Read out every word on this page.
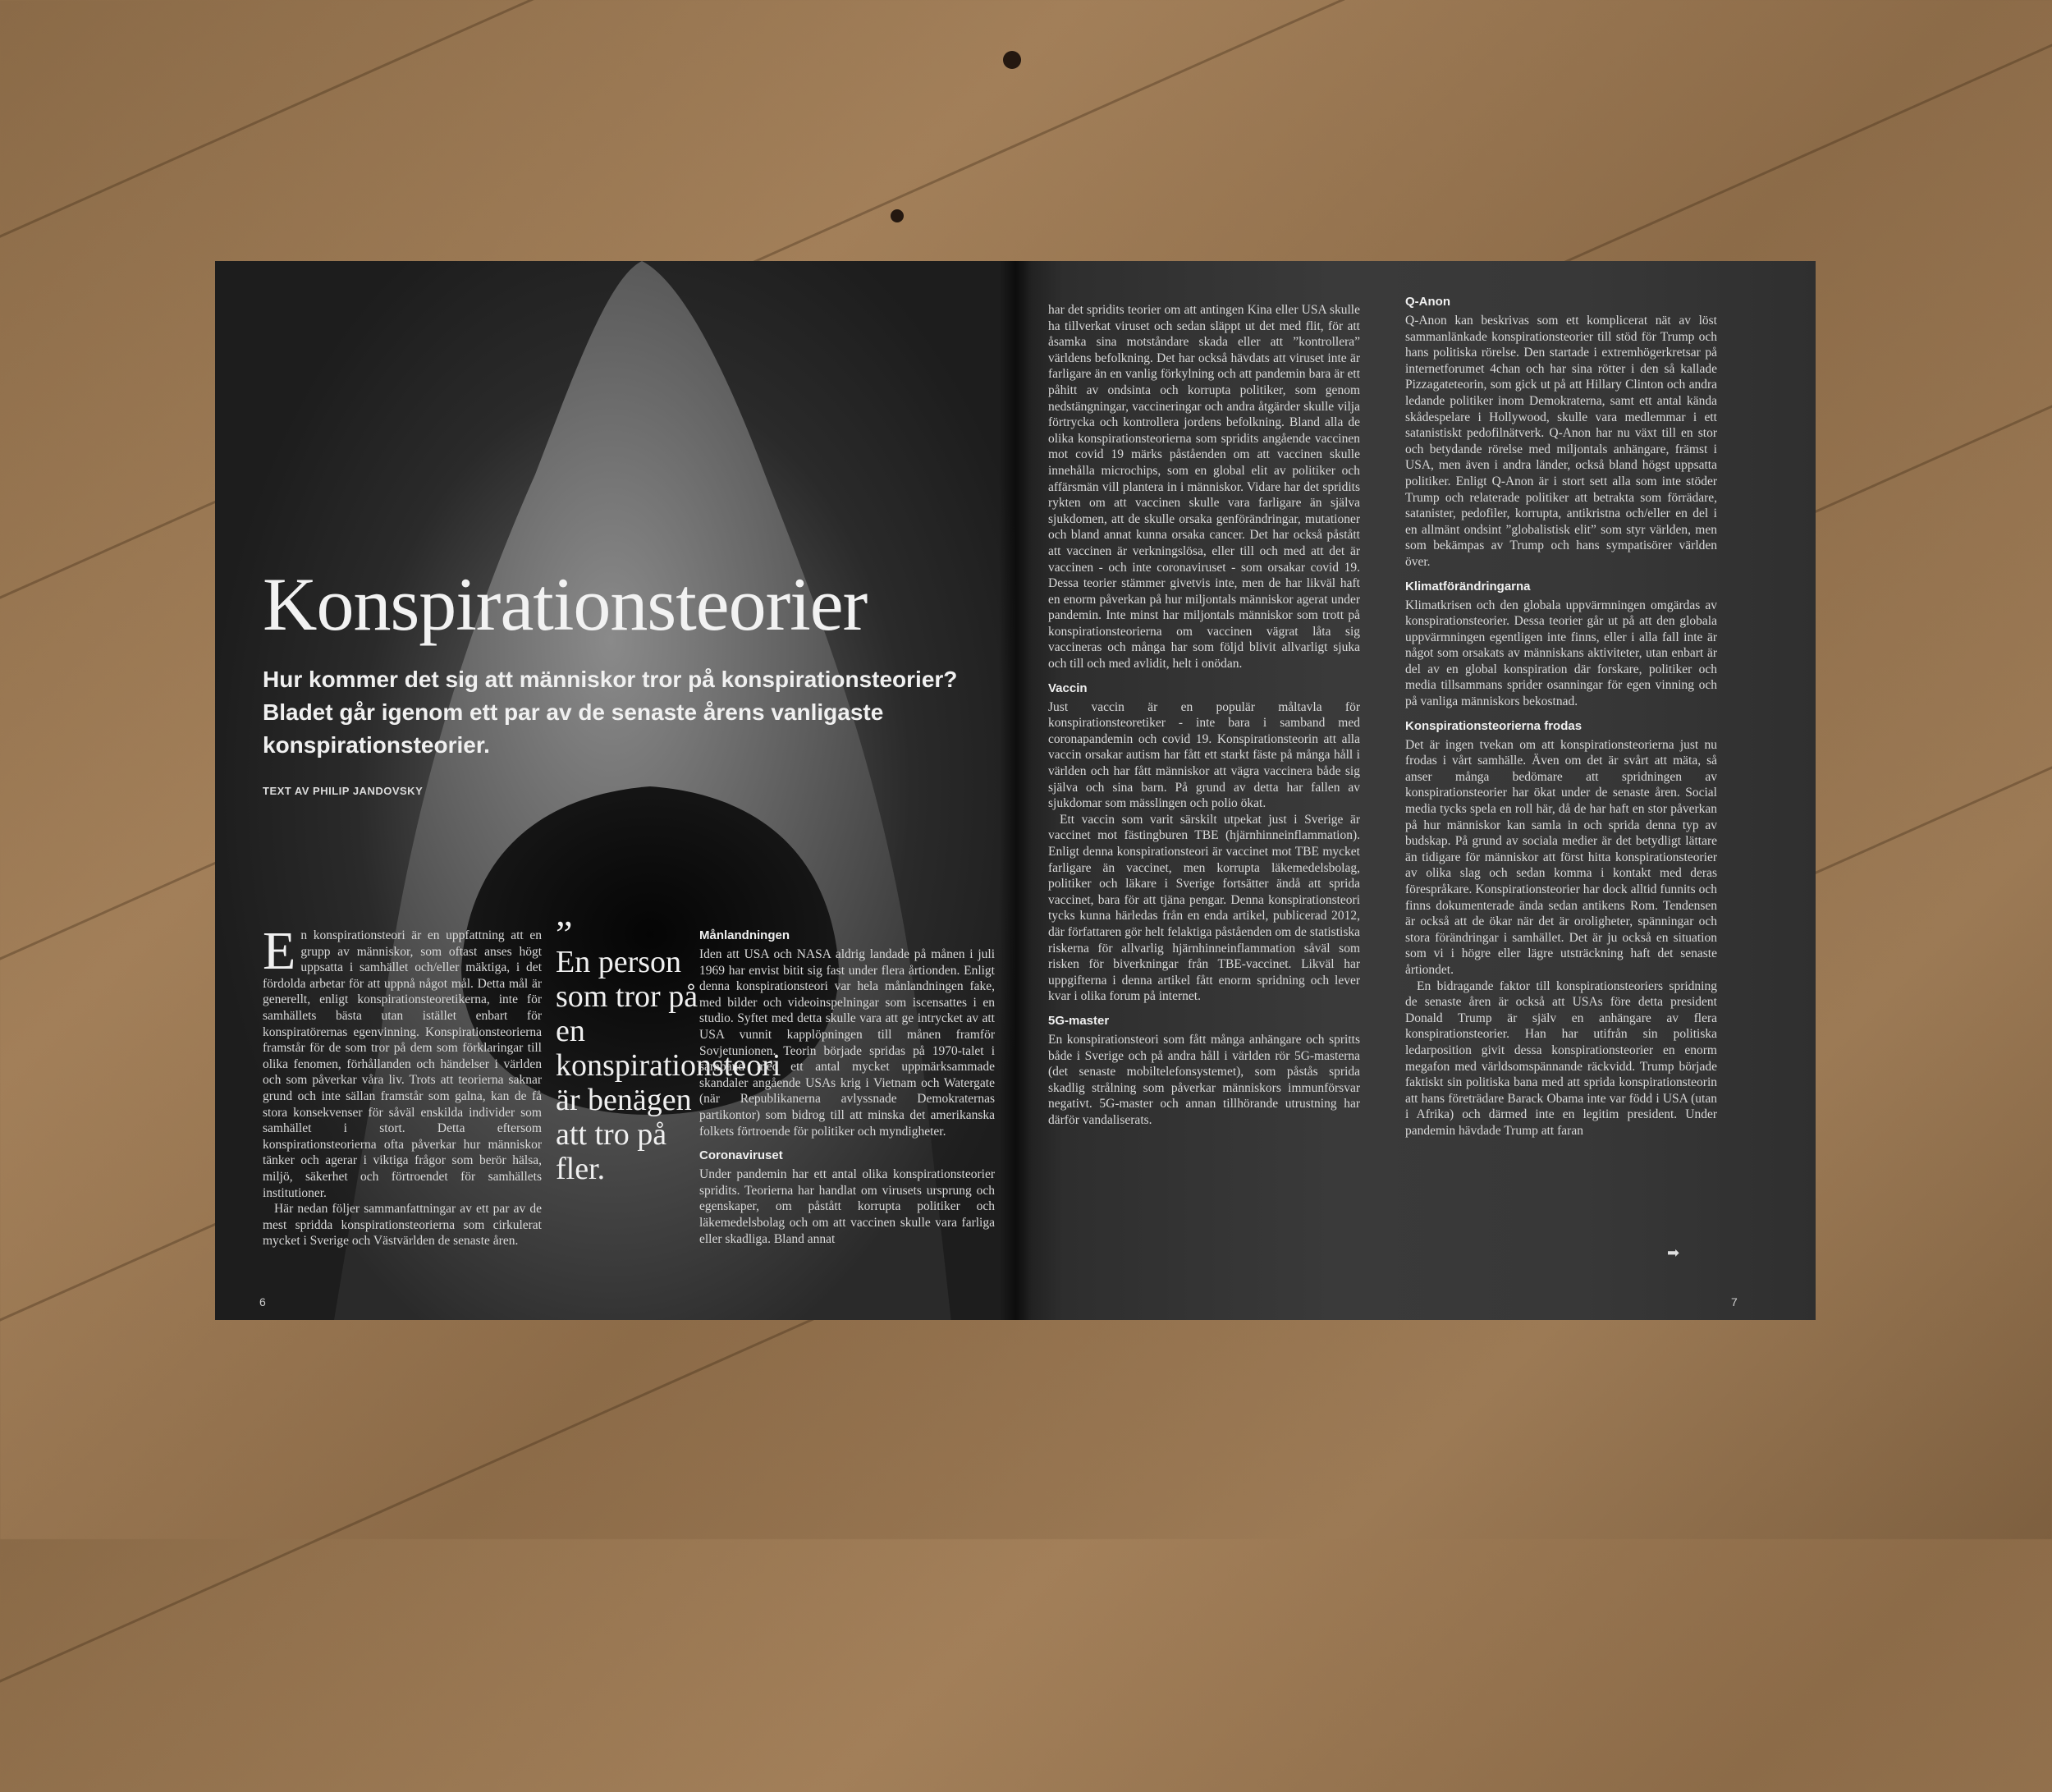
Konspirationsteorier

Hur kommer det sig att människor tror på konspirationsteorier? Bladet går igenom ett par av de senaste årens vanligaste konspirationsteorier.

TEXT AV PHILIP JANDOVSKY

En konspirationsteori är en uppfattning att en grupp av människor, som oftast anses högt uppsatta i samhället och/eller mäktiga, i det fördolda arbetar för att uppnå något mål. Detta mål är generellt, enligt konspirationsteoretikerna, inte för samhällets bästa utan istället enbart för konspiratörernas egenvinning. Konspirationsteorierna framstår för de som tror på dem som förklaringar till olika fenomen, förhållanden och händelser i världen och som påverkar våra liv. Trots att teorierna saknar grund och inte sällan framstår som galna, kan de få stora konsekvenser för såväl enskilda individer som samhället i stort. Detta eftersom konspirationsteorierna ofta påverkar hur människor tänker och agerar i viktiga frågor som berör hälsa, miljö, säkerhet och förtroendet för samhällets institutioner.

Här nedan följer sammanfattningar av ett par av de mest spridda konspirationsteorierna som cirkulerat mycket i Sverige och Västvärlden de senaste åren.

”
En person som tror på en konspirationsteori är benägen att tro på fler.
Månlandningen

Iden att USA och NASA aldrig landade på månen i juli 1969 har envist bitit sig fast under flera årtionden. Enligt denna konspirationsteori var hela månlandningen fake, med bilder och videoinspelningar som iscensattes i en studio. Syftet med detta skulle vara att ge intrycket av att USA vunnit kapplöpningen till månen framför Sovjetunionen. Teorin började spridas på 1970-talet i samband med ett antal mycket uppmärksammade skandaler angående USAs krig i Vietnam och Watergate (när Republikanerna avlyssnade Demokraternas partikontor) som bidrog till att minska det amerikanska folkets förtroende för politiker och myndigheter.

Coronaviruset

Under pandemin har ett antal olika konspirationsteorier spridits. Teorierna har handlat om virusets ursprung och egenskaper, om påstått korrupta politiker och läkemedelsbolag och om att vaccinen skulle vara farliga eller skadliga. Bland annat

6

har det spridits teorier om att antingen Kina eller USA skulle ha tillverkat viruset och sedan släppt ut det med flit, för att åsamka sina motståndare skada eller att ”kontrollera” världens befolkning. Det har också hävdats att viruset inte är farligare än en vanlig förkylning och att pandemin bara är ett påhitt av ondsinta och korrupta politiker, som genom nedstängningar, vaccineringar och andra åtgärder skulle vilja förtrycka och kontrollera jordens befolkning. Bland alla de olika konspirationsteorierna som spridits angående vaccinen mot covid 19 märks påståenden om att vaccinen skulle innehålla microchips, som en global elit av politiker och affärsmän vill plantera in i människor. Vidare har det spridits rykten om att vaccinen skulle vara farligare än själva sjukdomen, att de skulle orsaka genförändringar, mutationer och bland annat kunna orsaka cancer. Det har också påstått att vaccinen är verkningslösa, eller till och med att det är vaccinen - och inte coronaviruset - som orsakar covid 19. Dessa teorier stämmer givetvis inte, men de har likväl haft en enorm påverkan på hur miljontals människor agerat under pandemin. Inte minst har miljontals människor som trott på konspirationsteorierna om vaccinen vägrat låta sig vaccineras och många har som följd blivit allvarligt sjuka och till och med avlidit, helt i onödan.

Vaccin

Just vaccin är en populär måltavla för konspirationsteoretiker - inte bara i samband med coronapandemin och covid 19. Konspirationsteorin att alla vaccin orsakar autism har fått ett starkt fäste på många håll i världen och har fått människor att vägra vaccinera både sig själva och sina barn. På grund av detta har fallen av sjukdomar som mässlingen och polio ökat.

Ett vaccin som varit särskilt utpekat just i Sverige är vaccinet mot fästingburen TBE (hjärnhinneinflammation). Enligt denna konspirationsteori är vaccinet mot TBE mycket farligare än vaccinet, men korrupta läkemedelsbolag, politiker och läkare i Sverige fortsätter ändå att sprida vaccinet, bara för att tjäna pengar. Denna konspirationsteori tycks kunna härledas från en enda artikel, publicerad 2012, där författaren gör helt felaktiga påståenden om de statistiska riskerna för allvarlig hjärnhinneinflammation såväl som risken för biverkningar från TBE-vaccinet. Likväl har uppgifterna i denna artikel fått enorm spridning och lever kvar i olika forum på internet.

5G-master

En konspirationsteori som fått många anhängare och spritts både i Sverige och på andra håll i världen rör 5G-masterna (det senaste mobiltelefonsystemet), som påstås sprida skadlig strålning som påverkar människors immunförsvar negativt. 5G-master och annan tillhörande utrustning har därför vandaliserats.

Q-Anon

Q-Anon kan beskrivas som ett komplicerat nät av löst sammanlänkade konspirationsteorier till stöd för Trump och hans politiska rörelse. Den startade i extremhögerkretsar på internetforumet 4chan och har sina rötter i den så kallade Pizzagateteorin, som gick ut på att Hillary Clinton och andra ledande politiker inom Demokraterna, samt ett antal kända skådespelare i Hollywood, skulle vara medlemmar i ett satanistiskt pedofilnätverk. Q-Anon har nu växt till en stor och betydande rörelse med miljontals anhängare, främst i USA, men även i andra länder, också bland högst uppsatta politiker. Enligt Q-Anon är i stort sett alla som inte stöder Trump och relaterade politiker att betrakta som förrädare, satanister, pedofiler, korrupta, antikristna och/eller en del i en allmänt ondsint ”globalistisk elit” som styr världen, men som bekämpas av Trump och hans sympatisörer världen över.

Klimatförändringarna

Klimatkrisen och den globala uppvärmningen omgärdas av konspirationsteorier. Dessa teorier går ut på att den globala uppvärmningen egentligen inte finns, eller i alla fall inte är något som orsakats av människans aktiviteter, utan enbart är del av en global konspiration där forskare, politiker och media tillsammans sprider osanningar för egen vinning och på vanliga människors bekostnad.

Konspirationsteorierna frodas

Det är ingen tvekan om att konspirationsteorierna just nu frodas i vårt samhälle. Även om det är svårt att mäta, så anser många bedömare att spridningen av konspirationsteorier har ökat under de senaste åren. Social media tycks spela en roll här, då de har haft en stor påverkan på hur människor kan samla in och sprida denna typ av budskap. På grund av sociala medier är det betydligt lättare än tidigare för människor att först hitta konspirationsteorier av olika slag och sedan komma i kontakt med deras förespråkare. Konspirationsteorier har dock alltid funnits och finns dokumenterade ända sedan antikens Rom. Tendensen är också att de ökar när det är oroligheter, spänningar och stora förändringar i samhället. Det är ju också en situation som vi i högre eller lägre utsträckning haft det senaste årtiondet.

En bidragande faktor till konspirationsteoriers spridning de senaste åren är också att USAs före detta president Donald Trump är själv en anhängare av flera konspirationsteorier. Han har utifrån sin politiska ledarposition givit dessa konspirationsteorier en enorm megafon med världsomspännande räckvidd. Trump började faktiskt sin politiska bana med att sprida konspirationsteorin att hans företrädare Barack Obama inte var född i USA (utan i Afrika) och därmed inte en legitim president. Under pandemin hävdade Trump att faran

➡
7
